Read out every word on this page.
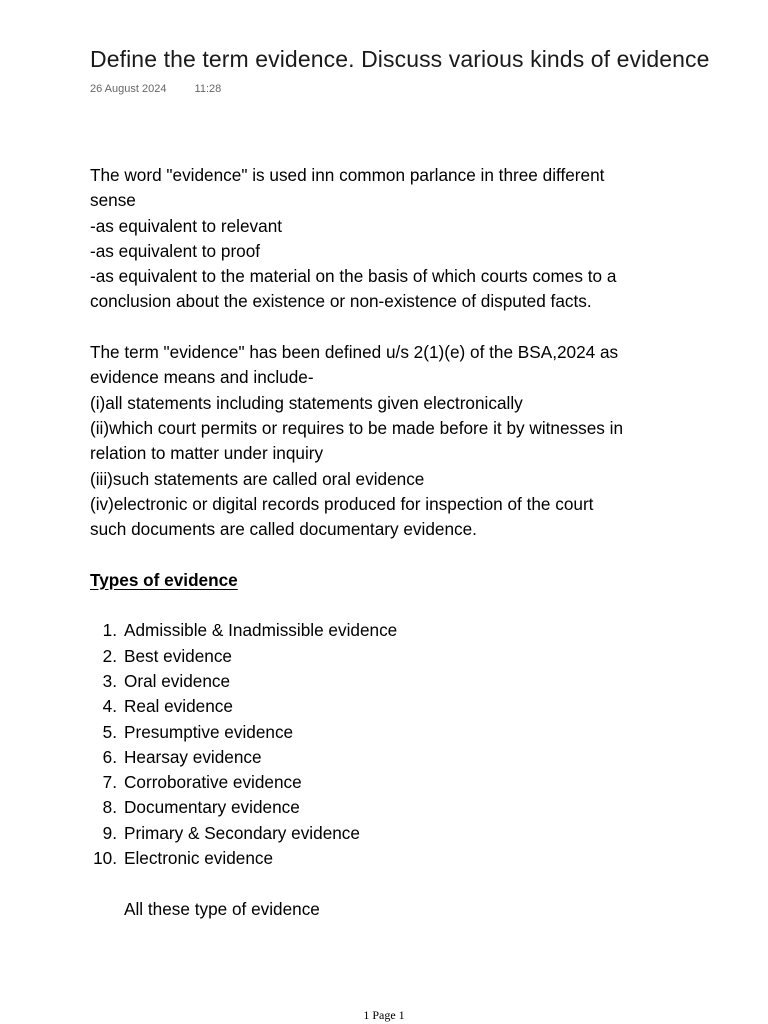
Define the term evidence. Discuss various kinds of evidence
26 August 2024	11:28
The word "evidence" is used inn common parlance in three different
sense
-as equivalent to relevant
-as equivalent to proof
-as equivalent to the material on the basis of which courts comes to a
conclusion about the existence or non-existence of disputed facts.
The term "evidence" has been defined u/s 2(1)(e) of the BSA,2024 as
evidence means and include-
(i)all statements including statements given electronically
(ii)which court permits or requires to be made before it by witnesses in
relation to matter under inquiry
(iii)such statements are called oral evidence
(iv)electronic or digital records produced for inspection of the court
such documents are called documentary evidence.
Types of evidence
1. Admissible & Inadmissible evidence
2. Best evidence
3. Oral evidence
4. Real evidence
5. Presumptive evidence
6. Hearsay evidence
7. Corroborative evidence
8. Documentary evidence
9. Primary & Secondary evidence
10. Electronic evidence
All these type of evidence
1 Page 1
